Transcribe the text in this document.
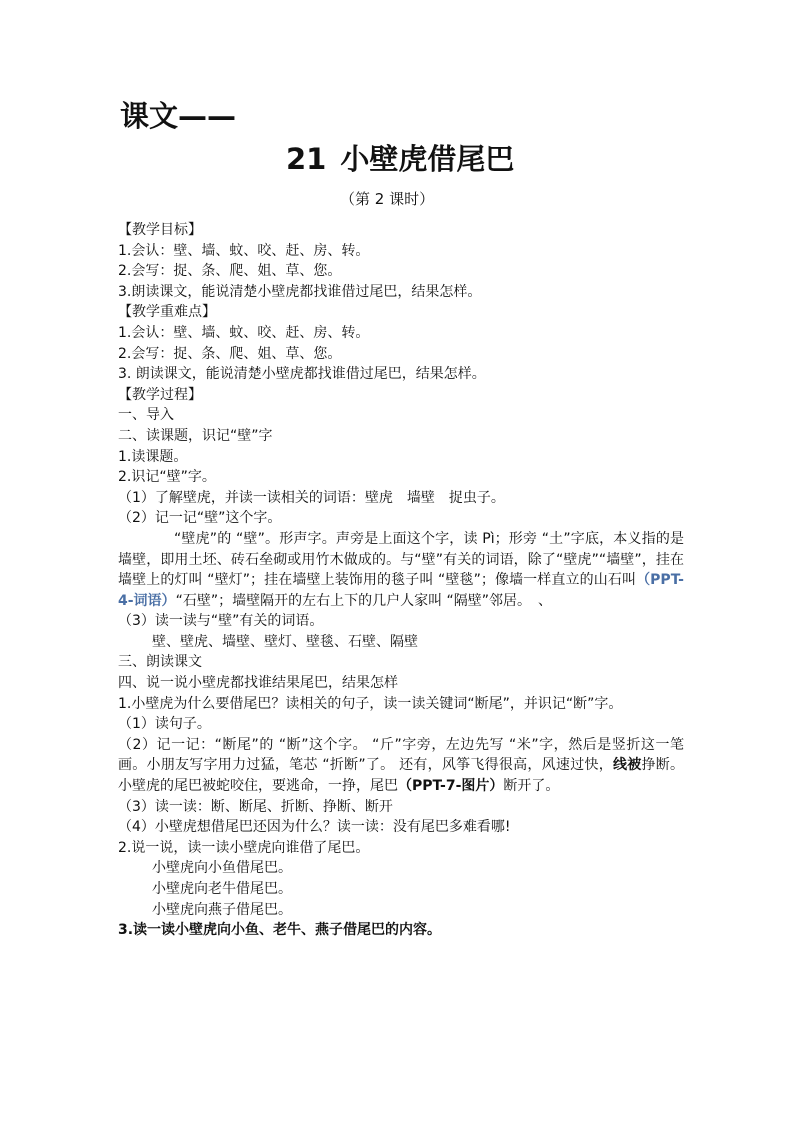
课文——
21 小壁虎借尾巴
（第 2 课时）
【教学目标】
1.会认：壁、墙、蚊、咬、赶、房、转。
2.会写：捉、条、爬、姐、草、您。
3.朗读课文，能说清楚小壁虎都找谁借过尾巴，结果怎样。
【教学重难点】
1.会认：壁、墙、蚊、咬、赶、房、转。
2.会写：捉、条、爬、姐、草、您。
3. 朗读课文，能说清楚小壁虎都找谁借过尾巴，结果怎样。
【教学过程】
一、导入
二、读课题，识记“壁”字
1.读课题。
2.识记“壁”字。
（1）了解壁虎，并读一读相关的词语：壁虎　墙壁　捉虫子。
（2）记一记“壁”这个字。
“壁虎”的 “壁”。形声字。声旁是上面这个字，读 Pì；形旁 “土”字底，本义指的是墙壁，即用土坯、砖石垒砌或用竹木做成的。与“壁”有关的词语，除了“壁虎”“墙壁”，挂在墙壁上的灯叫 “壁灯”；挂在墙壁上装饰用的毯子叫 “壁毯”；像墙一样直立的山石叫（PPT-4-词语）“石壁”；墙壁隔开的左右上下的几户人家叫 “隔壁”邻居。　、
（3）读一读与“壁”有关的词语。
壁、壁虎、墙壁、壁灯、壁毯、石壁、隔壁
三、朗读课文
四、说一说小壁虎都找谁结果尾巴，结果怎样
1.小壁虎为什么要借尾巴？读相关的句子，读一读关键词“断尾”，并识记“断”字。
（1）读句子。
（2）记一记：“断尾”的 “断”这个字。 “斤”字旁，左边先写 “米”字，然后是竖折这一笔画。小朋友写字用力过猛，笔芯 “折断”了。 还有，风筝飞得很高，风速过快，线被挣断。小壁虎的尾巴被蛇咬住，要逃命，一挣，尾巴（PPT-7-图片）断开了。
（3）读一读：断、断尾、折断、挣断、断开
（4）小壁虎想借尾巴还因为什么？读一读：没有尾巴多难看哪!
2.说一说，读一读小壁虎向谁借了尾巴。
小壁虎向小鱼借尾巴。
小壁虎向老牛借尾巴。
小壁虎向燕子借尾巴。
3.读一读小壁虎向小鱼、老牛、燕子借尾巴的内容。
